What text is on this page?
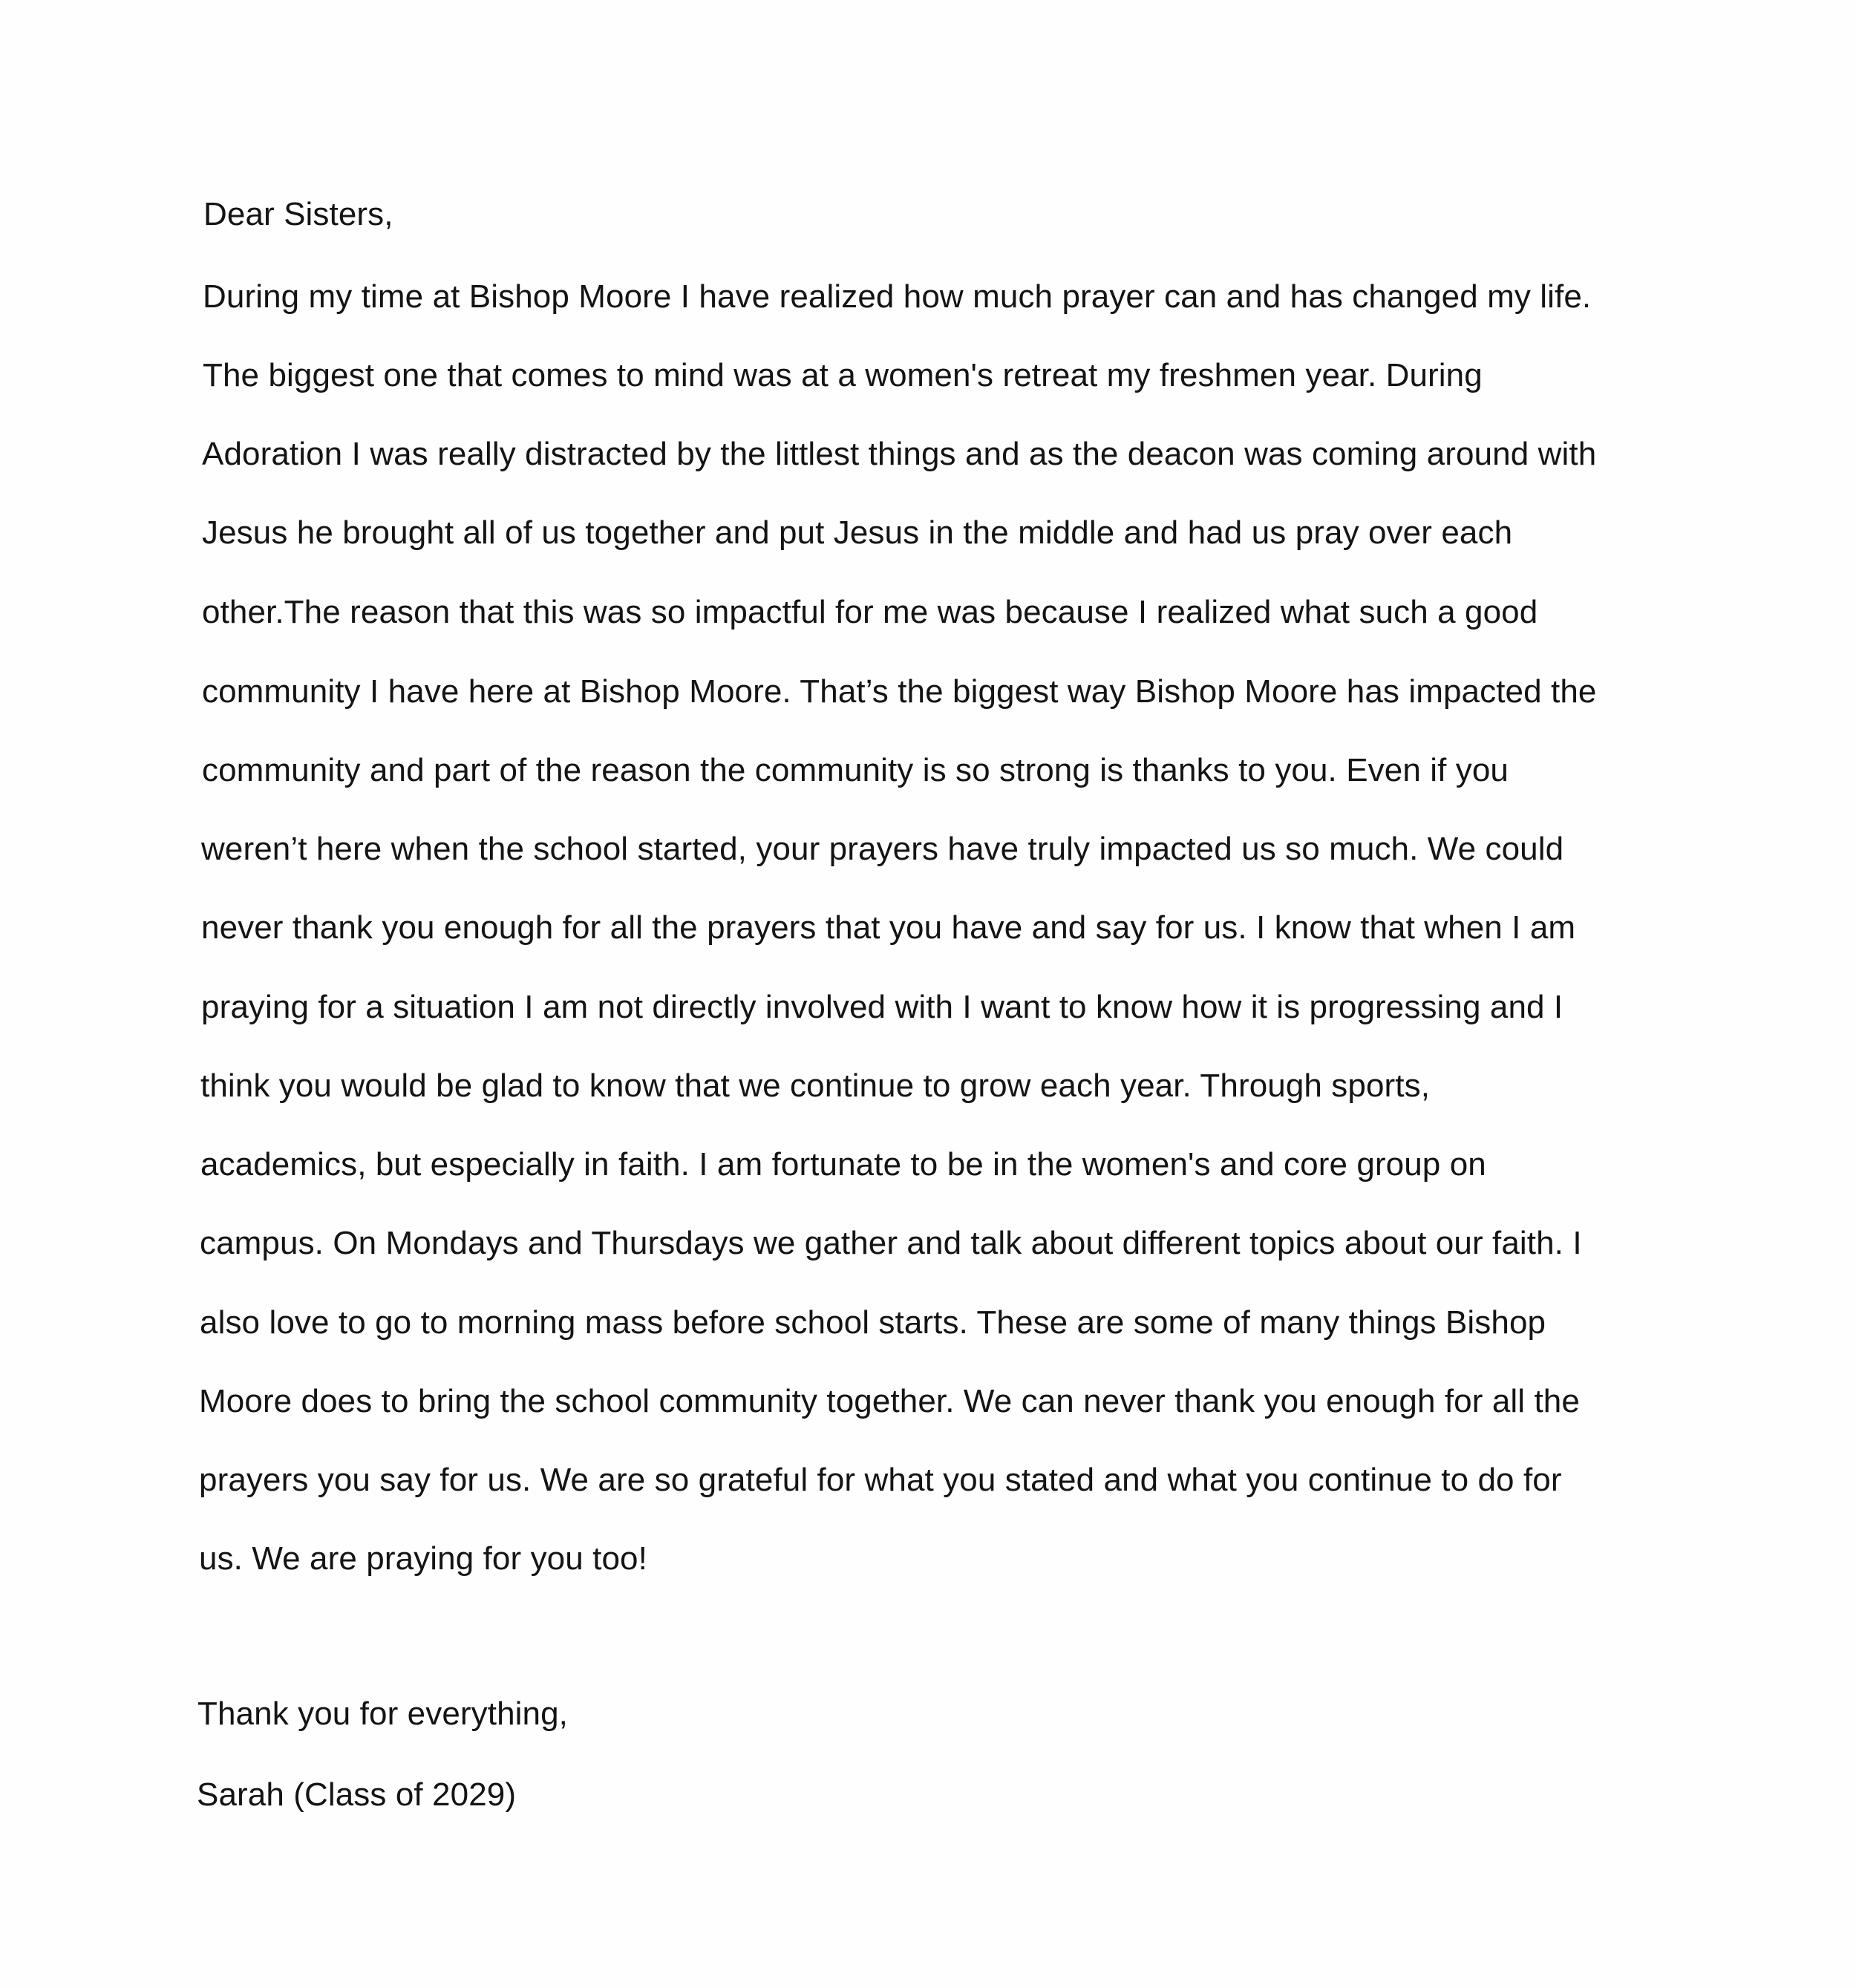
Dear Sisters,
During my time at Bishop Moore I have realized how much prayer can and has changed my life.
The biggest one that comes to mind was at a women's retreat my freshmen year. During
Adoration I was really distracted by the littlest things and as the deacon was coming around with
Jesus he brought all of us together and put Jesus in the middle and had us pray over each
other.The reason that this was so impactful for me was because I realized what such a good
community I have here at Bishop Moore. That’s the biggest way Bishop Moore has impacted the
community and part of the reason the community is so strong is thanks to you. Even if you
weren’t here when the school started, your prayers have truly impacted us so much. We could
never thank you enough for all the prayers that you have and say for us. I know that when I am
praying for a situation I am not directly involved with I want to know how it is progressing and I
think you would be glad to know that we continue to grow each year. Through sports,
academics, but especially in faith. I am fortunate to be in the women's and core group on
campus. On Mondays and Thursdays we gather and talk about different topics about our faith. I
also love to go to morning mass before school starts. These are some of many things Bishop
Moore does to bring the school community together. We can never thank you enough for all the
prayers you say for us. We are so grateful for what you stated and what you continue to do for
us. We are praying for you too!
Thank you for everything,
Sarah (Class of 2029)
